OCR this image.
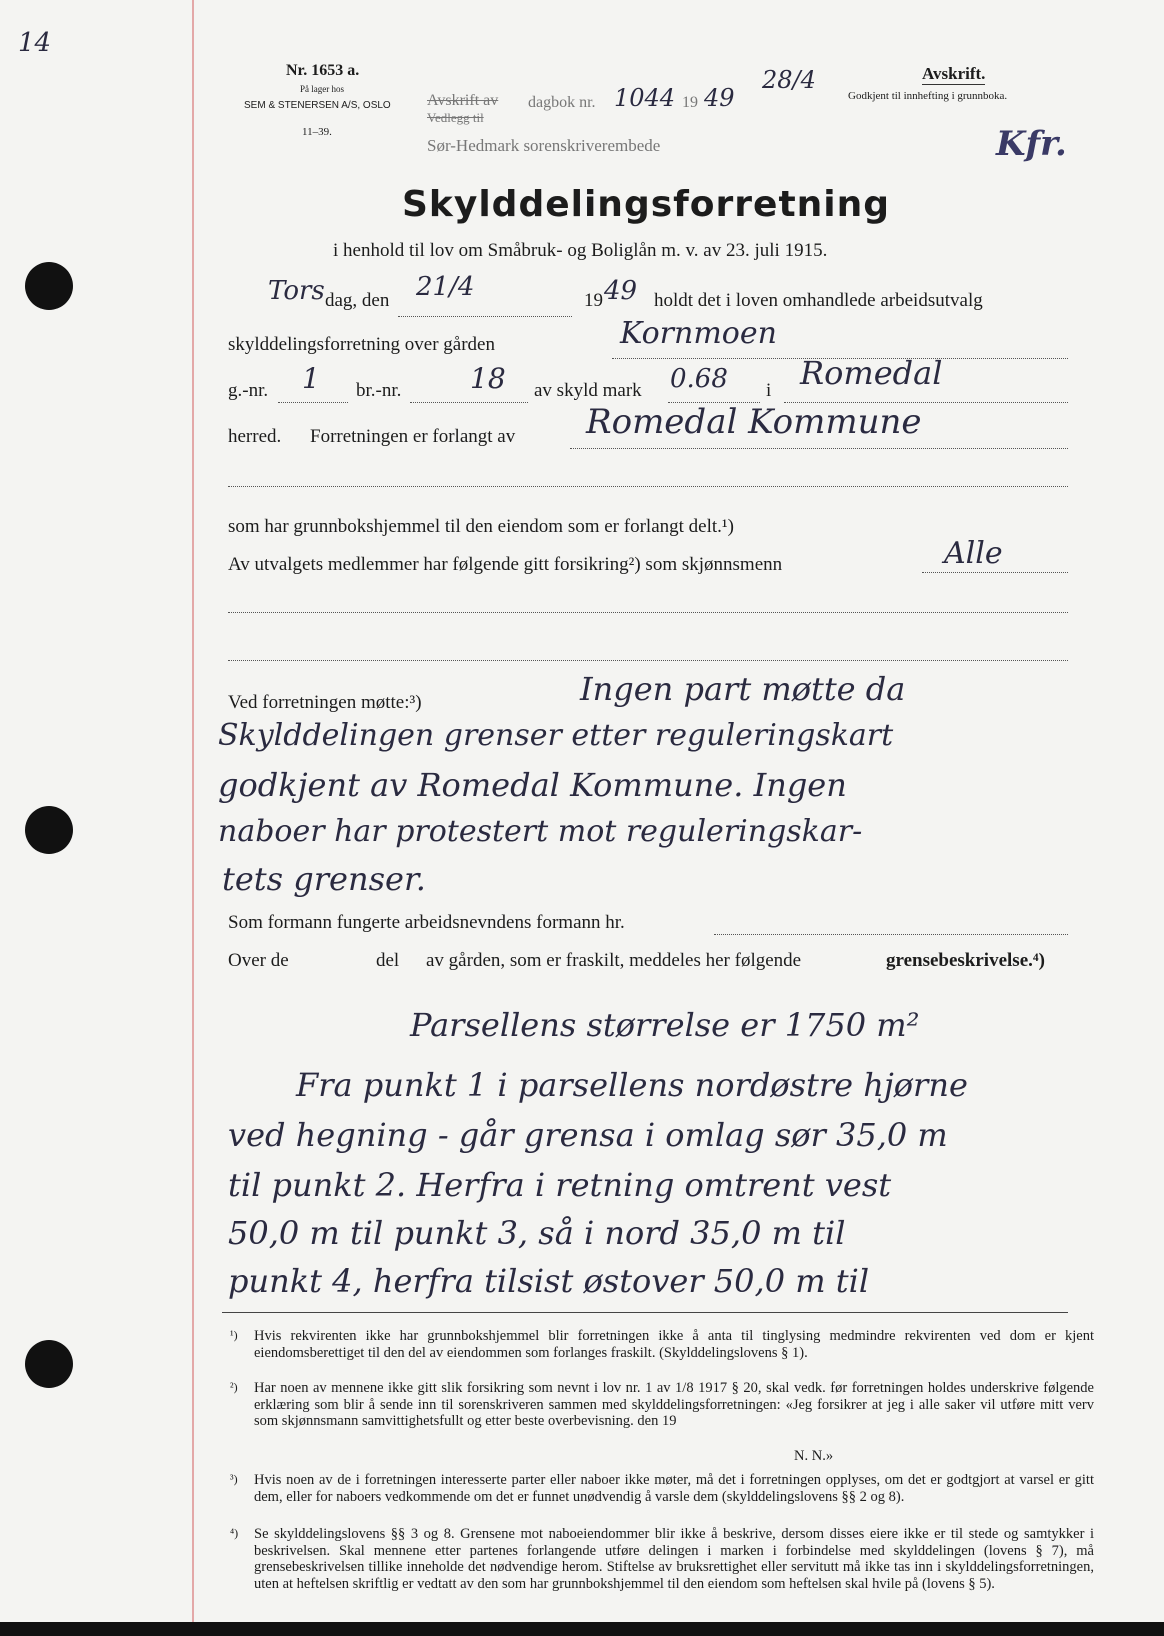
14
Nr. 1653 a.
På lager hos
SEM & STENERSEN A/S, OSLO
11–39.
Avskrift av
Vedlegg til
dagbok nr. 1044 19 49
28/4
Sør-Hedmark sorenskriverembede
Avskrift.
Godkjent til innhefting i grunnboka.
Kfr.
Skylddelingsforretning
i henhold til lov om Småbruk- og Boliglån m. v. av 23. juli 1915.
Tors dag, den 21/4	19 49 holdt det i loven omhandlede arbeidsutvalg
skylddelingsforretning over gården	Kornmoen
g.-nr. 1 br.-nr. 18 av skyld mark 0.68 i Romedal
herred. Forretningen er forlangt av Romedal Kommune
som har grunnbokshjemmel til den eiendom som er forlangt delt.¹)
Av utvalgets medlemmer har følgende gitt forsikring²) som skjønnsmenn	Alle
Ved forretningen møtte:³)	Ingen part møtte da
Skylddelingen grenser etter reguleringskart
godkjent av Romedal Kommune. Ingen
naboer har protestert mot reguleringskar-
tets grenser.
Som formann fungerte arbeidsnevndens formann hr.
Over de	del av gården, som er fraskilt, meddeles her følgende	grensebeskrivelse.⁴)
Parsellens størrelse er 1750 m²
Fra punkt 1 i parsellens nordøstre hjørne
ved hegning - går grensa i omlag sør 35,0 m
til punkt 2. Herfra i retning omtrent vest
50,0 m til punkt 3, så i nord 35,0 m til
punkt 4, herfra tilsist østover 50,0 m til
¹) Hvis rekvirenten ikke har grunnbokshjemmel blir forretningen ikke å anta til tinglysing medmindre rekvirenten ved dom er kjent eiendomsberettiget til den del av eiendommen som forlanges fraskilt. (Skylddelingslovens § 1).
²) Har noen av mennene ikke gitt slik forsikring som nevnt i lov nr. 1 av 1/8 1917 § 20, skal vedk. før forretningen holdes underskrive følgende erklæring som blir å sende inn til sorenskriveren sammen med skylddelingsforretningen: «Jeg forsikrer at jeg i alle saker vil utføre mitt verv som skjønnsmann samvittighetsfullt og etter beste overbevisning. den 19
N. N.»
³) Hvis noen av de i forretningen interesserte parter eller naboer ikke møter, må det i forretningen opplyses, om det er godtgjort at varsel er gitt dem, eller for naboers vedkommende om det er funnet unødvendig å varsle dem (skylddelingslovens §§ 2 og 8).
⁴) Se skylddelingslovens §§ 3 og 8. Grensene mot naboeiendommer blir ikke å beskrive, dersom disses eiere ikke er til stede og samtykker i beskrivelsen. Skal mennene etter partenes forlangende utføre delingen i marken i forbindelse med skylddelingen (lovens § 7), må grensebeskrivelsen tillike inneholde det nødvendige herom. Stiftelse av bruksrettighet eller servitutt må ikke tas inn i skylddelingsforretningen, uten at heftelsen skriftlig er vedtatt av den som har grunnbokshjemmel til den eiendom som heftelsen skal hvile på (lovens § 5).
